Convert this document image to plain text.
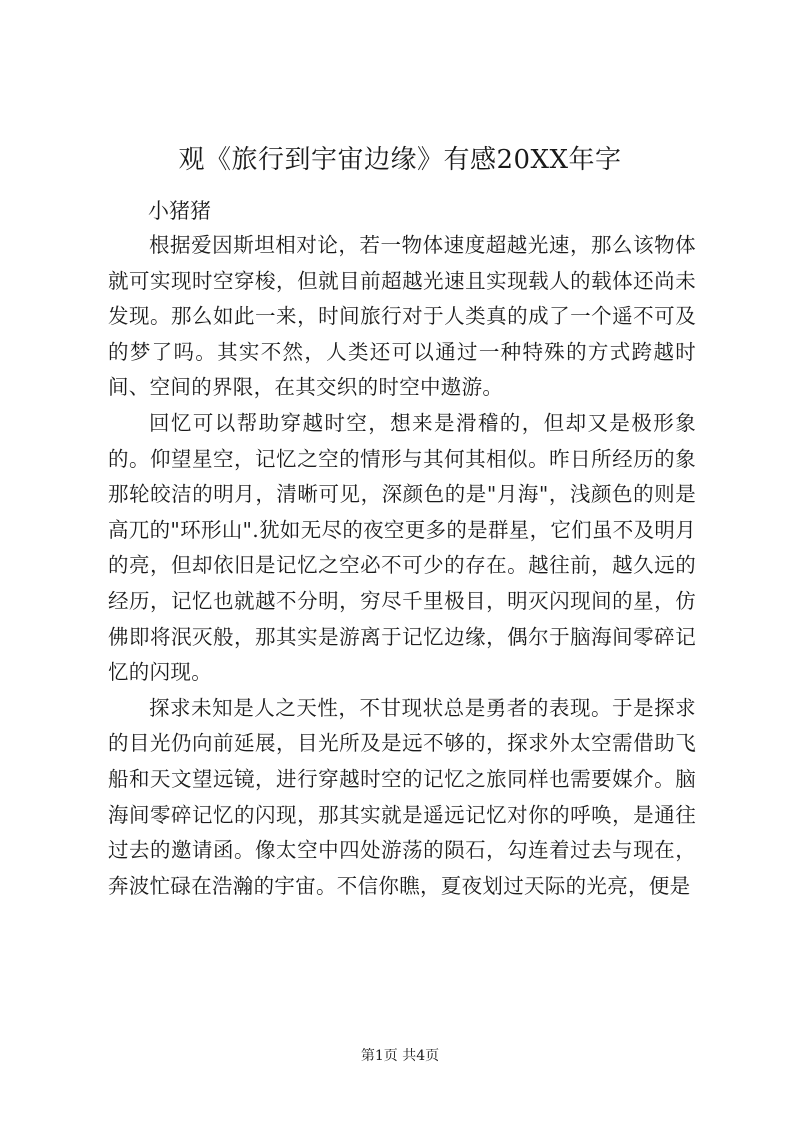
观《旅行到宇宙边缘》有感20XX年字

小猪猪

根据爱因斯坦相对论，若一物体速度超越光速，那么该物体就可实现时空穿梭，但就目前超越光速且实现载人的载体还尚未发现。那么如此一来，时间旅行对于人类真的成了一个遥不可及的梦了吗。其实不然，人类还可以通过一种特殊的方式跨越时间、空间的界限，在其交织的时空中遨游。

回忆可以帮助穿越时空，想来是滑稽的，但却又是极形象的。仰望星空，记忆之空的情形与其何其相似。昨日所经历的象那轮皎洁的明月，清晰可见，深颜色的是"月海"，浅颜色的则是高兀的"环形山".犹如无尽的夜空更多的是群星，它们虽不及明月的亮，但却依旧是记忆之空必不可少的存在。越往前，越久远的经历，记忆也就越不分明，穷尽千里极目，明灭闪现间的星，仿佛即将泯灭般，那其实是游离于记忆边缘，偶尔于脑海间零碎记忆的闪现。

探求未知是人之天性，不甘现状总是勇者的表现。于是探求的目光仍向前延展，目光所及是远不够的，探求外太空需借助飞船和天文望远镜，进行穿越时空的记忆之旅同样也需要媒介。脑海间零碎记忆的闪现，那其实就是遥远记忆对你的呼唤，是通往过去的邀请函。像太空中四处游荡的陨石，勾连着过去与现在，奔波忙碌在浩瀚的宇宙。不信你瞧，夏夜划过天际的光亮，便是

第1页 共4页
